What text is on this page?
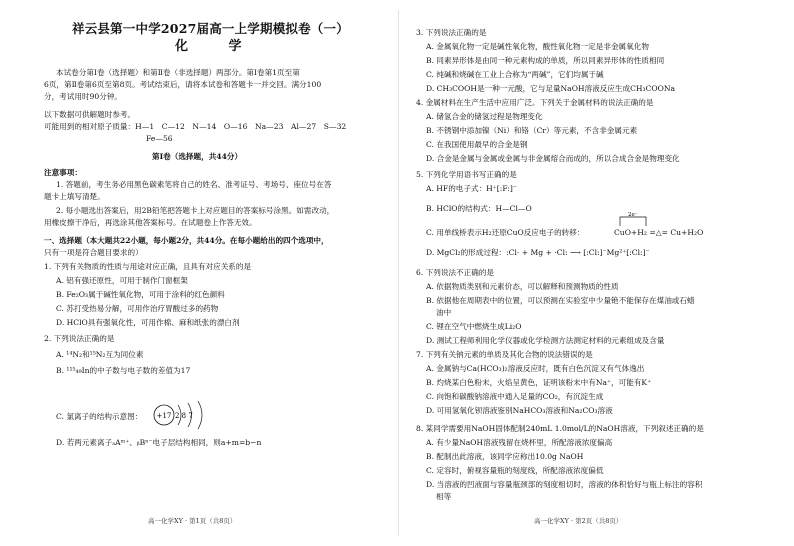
祥云县第一中学2027届高一上学期模拟卷（一）
化 学
本试卷分第Ⅰ卷（选择题）和第Ⅱ卷（非选择题）两部分。第Ⅰ卷第1页至第
6页，第Ⅱ卷第6页至第8页。考试结束后，请将本试卷和答题卡一并交回。满分100
分，考试用时90分钟。
以下数据可供解题时参考。
可能用到的相对原子质量：H—1　C—12　N—14　O—16　Na—23　Al—27　S—32
Fe—56
第Ⅰ卷（选择题，共44分）
注意事项：
1. 答题前，考生务必用黑色碳素笔将自己的姓名、准考证号、考场号、座位号在答
题卡上填写清楚。
2. 每小题选出答案后，用2B铅笔把答题卡上对应题目的答案标号涂黑。如需改动，
用橡皮擦干净后，再选涂其他答案标号。在试题卷上作答无效。
一、选择题（本大题共22小题，每小题2分，共44分。在每小题给出的四个选项中，
只有一项是符合题目要求的）
1. 下列有关物质的性质与用途对应正确，且具有对应关系的是
A. 铝有强还原性，可用于制作门窗框架
B. Fe₂O₃属于碱性氧化物，可用于涂料的红色颜料
C. 苏打受热易分解，可用作治疗胃酸过多的药物
D. HClO具有强氧化性，可用作棉、麻和纸张的漂白剂
2. 下列说法正确的是
A. ¹⁴N₂和¹⁵N₂互为同位素
B. ¹¹⁵₄₉In的中子数与电子数的差值为17
C. 氯离子的结构示意图： +17 2 8 7
D. 若两元素离子ₐAᵐ⁺、ᵦBⁿ⁻电子层结构相同，则a+m=b−n
高一化学XY · 第1页（共8页）
3. 下列说法正确的是
A. 金属氧化物一定是碱性氧化物，酸性氧化物一定是非金属氧化物
B. 同素异形体是由同一种元素构成的单质，所以同素异形体的性质相同
C. 纯碱和烧碱在工业上合称为“两碱”，它们均属于碱
D. CH₃COOH是一种一元酸，它与足量NaOH溶液反应生成CH₃COONa
4. 金属材料在生产生活中应用广泛。下列关于金属材料的说法正确的是
A. 储氢合金的储氢过程是物理变化
B. 不锈钢中添加镍（Ni）和铬（Cr）等元素，不含非金属元素
C. 在我国使用最早的合金是钢
D. 合金是金属与金属或金属与非金属熔合而成的，所以合成合金是物理变化
5. 下列化学用语书写正确的是
A. HF的电子式：H⁺[:F:]⁻
B. HClO的结构式：H—Cl—O
C. 用单线桥表示H₂还原CuO反应电子的转移：
2e⁻
CuO+H₂ =△= Cu+H₂O
D. MgCl₂的形成过程：:Cl· + Mg + ·Cl: ⟶ [:Cl:]⁻Mg²⁺[:Cl:]⁻
6. 下列说法不正确的是
A. 依据物质类别和元素价态，可以解释和预测物质的性质
B. 依据他在周期表中的位置，可以预测在实验室中少量铯不能保存在煤油或石蜡
油中
C. 锂在空气中燃烧生成Li₂O
D. 测试工程师利用化学仪器或化学检测方法测定材料的元素组成及含量
7. 下列有关钠元素的单质及其化合物的说法错误的是
A. 金属钠与Ca(HCO₃)₂溶液反应时，既有白色沉淀又有气体逸出
B. 灼烧某白色粉末，火焰呈黄色，证明该粉末中有Na⁺，可能有K⁺
C. 向饱和碳酸钠溶液中通入足量的CO₂，有沉淀生成
D. 可用氢氧化钡溶液鉴别NaHCO₃溶液和Na₂CO₃溶液
8. 某同学需要用NaOH固体配制240mL 1.0mol/L的NaOH溶液，下列叙述正确的是
A. 有少量NaOH溶液残留在烧杯里，所配溶液浓度偏高
B. 配制出此溶液，该同学应称出10.0g NaOH
C. 定容时，俯视容量瓶的刻度线，所配溶液浓度偏低
D. 当溶液的凹液面与容量瓶颈部的刻度相切时，溶液的体积恰好与瓶上标注的容积
相等
高一化学XY · 第2页（共8页）
